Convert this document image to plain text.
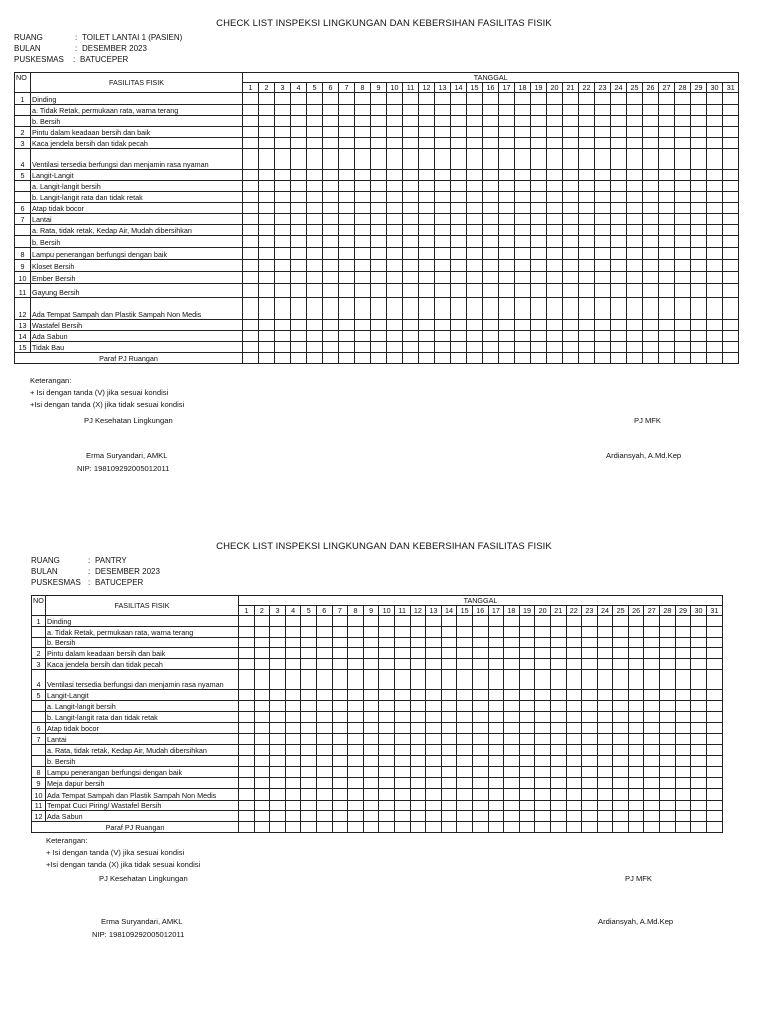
CHECK LIST INSPEKSI LINGKUNGAN DAN KEBERSIHAN FASILITAS FISIK
RUANG	: TOILET LANTAI 1 (PASIEN)
BULAN	: DESEMBER 2023
PUSKESMAS : BATUCEPER
NO	FASILITAS FISIK	TANGGAL																														
		1	2	3	4	5	6	7	8	9	10	11	12	13	14	15	16	17	18	19	20	21	22	23	24	25	26	27	28	29	30	31
1	Dinding																															
	a. Tidak Retak, permukaan rata, warna terang																															
	b. Bersih																															
2	Pintu dalam keadaan bersih dan baik																															
3	Kaca jendela bersih dan tidak pecah																															
4	Ventilasi tersedia berfungsi dan menjamin rasa nyaman																															
5	Langit-Langit																															
	a. Langit-langit bersih																															
	b. Langit-langit rata dan tidak retak																															
6	Atap tidak bocor																															
7	Lantai																															
	a. Rata, tidak retak, Kedap Air, Mudah dibersihkan																															
	b. Bersih																															
8	Lampu penerangan berfungsi dengan baik																															
9	Kloset Bersih																															
10	Ember Bersih																															
11	Gayung Bersih																															
12	Ada Tempat Sampah dan Plastik Sampah Non Medis																															
13	Wastafel Bersih																															
14	Ada Sabun																															
15	Tidak Bau																															
Paraf PJ Ruangan																																
Keterangan:
+ Isi dengan tanda (V) jika sesuai kondisi
+Isi dengan tanda (X) jika tidak sesuai kondisi
PJ Kesehatan Lingkungan	PJ MFK
Erma Suryandari, AMKL
NIP: 198109292005012011
Ardiansyah, A.Md.Kep
CHECK LIST INSPEKSI LINGKUNGAN DAN KEBERSIHAN FASILITAS FISIK
RUANG	: PANTRY
BULAN	: DESEMBER 2023
PUSKESMAS : BATUCEPER
NO	FASILITAS FISIK	TANGGAL																														
		1	2	3	4	5	6	7	8	9	10	11	12	13	14	15	16	17	18	19	20	21	22	23	24	25	26	27	28	29	30	31
1	Dinding																															
	a. Tidak Retak, permukaan rata, warna terang																															
	b. Bersih																															
2	Pintu dalam keadaan bersih dan baik																															
3	Kaca jendela bersih dan tidak pecah																															
4	Ventilasi tersedia berfungsi dan menjamin rasa nyaman																															
5	Langit-Langit																															
	a. Langit-langit bersih																															
	b. Langit-langit rata dan tidak retak																															
6	Atap tidak bocor																															
7	Lantai																															
	a. Rata, tidak retak, Kedap Air, Mudah dibersihkan																															
	b. Bersih																															
8	Lampu penerangan berfungsi dengan baik																															
9	Meja dapur bersih																															
10	Ada Tempat Sampah dan Plastik Sampah Non Medis																															
11	Tempat Cuci Piring/ Wastafel Bersih																															
12	Ada Sabun																															
Paraf PJ Ruangan																																
Keterangan:
+ Isi dengan tanda (V) jika sesuai kondisi
+Isi dengan tanda (X) jika tidak sesuai kondisi
PJ Kesehatan Lingkungan	PJ MFK
Erma Suryandari, AMKL
NIP: 198109292005012011
Ardiansyah, A.Md.Kep
